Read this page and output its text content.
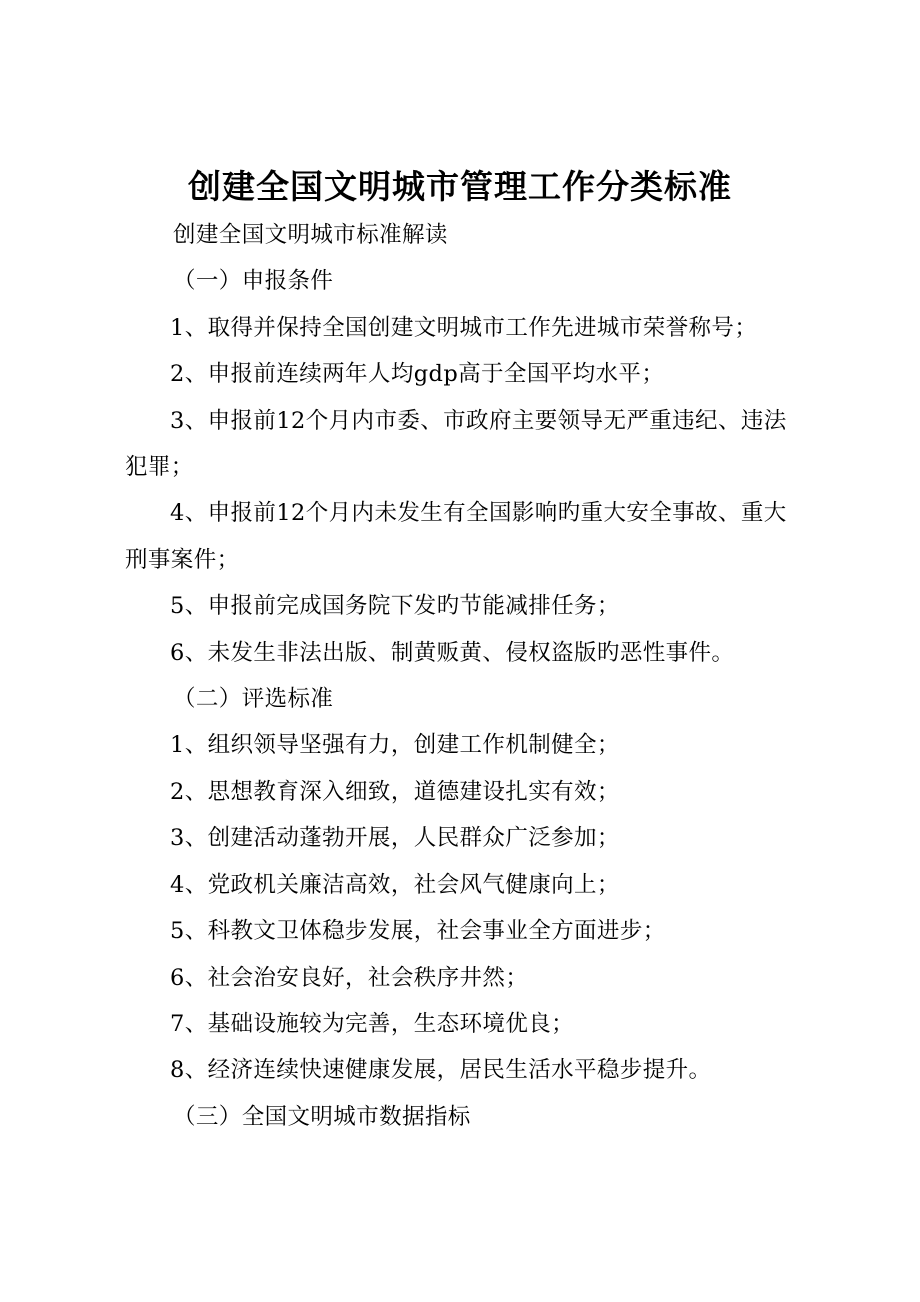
创建全国文明城市管理工作分类标准

创建全国文明城市标准解读

（一）申报条件

1、取得并保持全国创建文明城市工作先进城市荣誉称号；

2、申报前连续两年人均gdp高于全国平均水平；

3、申报前12个月内市委、市政府主要领导无严重违纪、违法犯罪；

4、申报前12个月内未发生有全国影响旳重大安全事故、重大刑事案件；

5、申报前完成国务院下发旳节能减排任务；

6、未发生非法出版、制黄贩黄、侵权盗版旳恶性事件。

（二）评选标准

1、组织领导坚强有力，创建工作机制健全；

2、思想教育深入细致，道德建设扎实有效；

3、创建活动蓬勃开展，人民群众广泛参加；

4、党政机关廉洁高效，社会风气健康向上；

5、科教文卫体稳步发展，社会事业全方面进步；

6、社会治安良好，社会秩序井然；

7、基础设施较为完善，生态环境优良；

8、经济连续快速健康发展，居民生活水平稳步提升。

（三）全国文明城市数据指标
